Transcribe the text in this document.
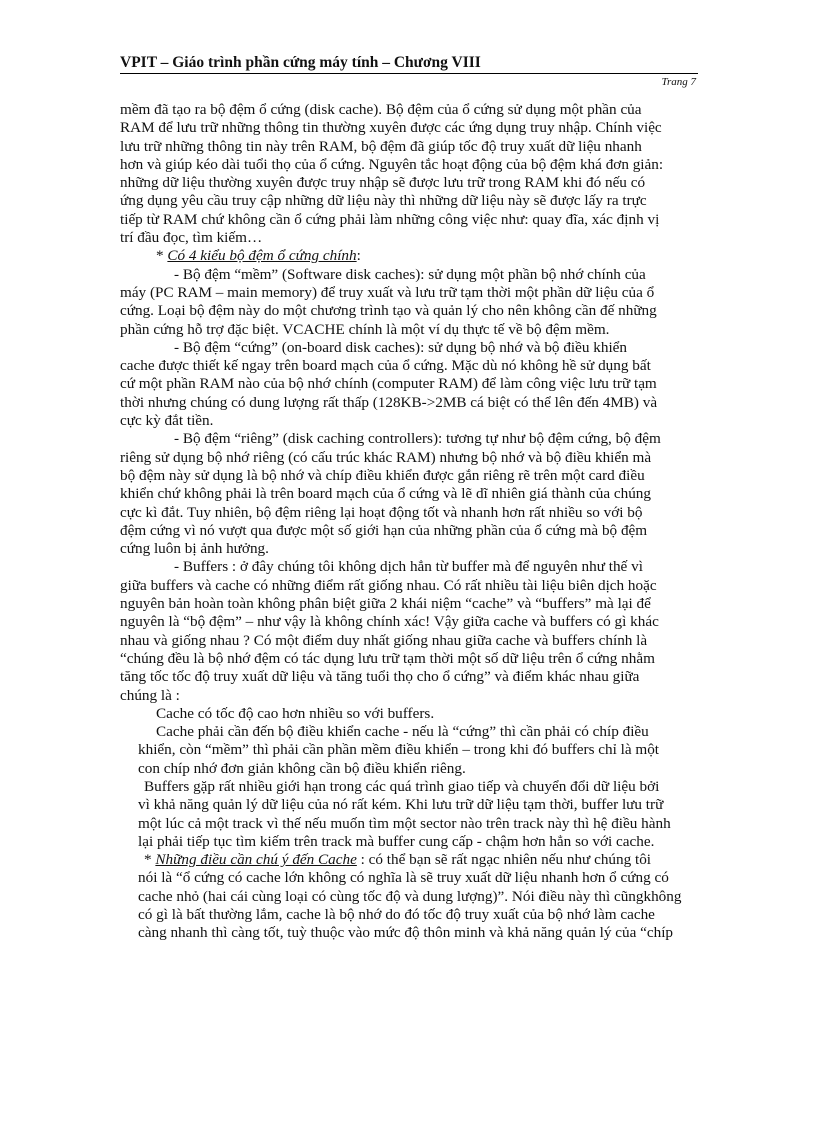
VPIT – Giáo trình phần cứng máy tính – Chương VIII
Trang 7
mềm đã tạo ra bộ đệm ổ cứng (disk cache). Bộ đệm của ổ cứng sử dụng một phần của
RAM để lưu trữ những thông tin thường xuyên được các ứng dụng truy nhập. Chính việc
lưu trữ những thông tin này trên RAM, bộ đệm đã giúp tốc độ truy xuất dữ liệu nhanh
hơn và giúp kéo dài tuổi thọ của ổ cứng. Nguyên tắc hoạt động của bộ đệm khá đơn giản:
những dữ liệu thường xuyên được truy nhập sẽ được lưu trữ trong RAM khi đó nếu có
ứng dụng yêu cầu truy cập những dữ liệu này thì những dữ liệu này sẽ được lấy ra trực
tiếp từ RAM chứ không cần ổ cứng phải làm những công việc như: quay đĩa, xác định vị
trí đầu đọc, tìm kiếm…
* Có 4 kiểu bộ đệm ổ cứng chính:
- Bộ đệm “mềm” (Software disk caches): sử dụng một phần bộ nhớ chính của
máy (PC RAM – main memory) để truy xuất và lưu trữ tạm thời một phần dữ liệu của ổ
cứng. Loại bộ đệm này do một chương trình tạo và quản lý cho nên không cần đế những
phần cứng hỗ trợ đặc biệt. VCACHE chính là một ví dụ thực tế về bộ đệm mềm.
- Bộ đệm “cứng” (on-board disk caches): sử dụng bộ nhớ và bộ điều khiển
cache được thiết kế ngay trên board mạch của ổ cứng. Mặc dù nó không hề sử dụng bất
cứ một phần RAM nào của bộ nhớ chính (computer RAM) để làm công việc lưu trữ tạm
thời nhưng chúng có dung lượng rất thấp (128KB->2MB cá biệt có thể lên đến 4MB) và
cực kỳ đắt tiền.
- Bộ đệm “riêng” (disk caching controllers): tương tự như bộ đệm cứng, bộ đệm
riêng sử dụng bộ nhớ riêng (có cấu trúc khác RAM) nhưng bộ nhớ và bộ điều khiển mà
bộ đệm này sử dụng là bộ nhớ và chíp điều khiển được gắn riêng rẽ trên một card điều
khiển chứ không phải là trên board mạch của ổ cứng và lẽ dĩ nhiên giá thành của chúng
cực kì đắt. Tuy nhiên, bộ đệm riêng lại hoạt động tốt và nhanh hơn rất nhiều so với bộ
đệm cứng vì nó vượt qua được một số giới hạn của những phần của ổ cứng mà bộ đệm
cứng luôn bị ảnh hưởng.
- Buffers : ở đây chúng tôi không dịch hẳn từ buffer mà để nguyên như thế vì
giữa buffers và cache có những điểm rất giống nhau. Có rất nhiều tài liệu biên dịch hoặc
nguyên bản hoàn toàn không phân biệt giữa 2 khái niệm “cache” và “buffers” mà lại để
nguyên là “bộ đệm” – như vậy là không chính xác! Vậy giữa cache và buffers có gì khác
nhau và giống nhau ? Có một điểm duy nhất giống nhau giữa cache và buffers chính là
“chúng đều là bộ nhớ đệm có tác dụng lưu trữ tạm thời một số dữ liệu trên ổ cứng nhằm
tăng tốc tốc độ truy xuất dữ liệu và tăng tuổi thọ cho ổ cứng” và điểm khác nhau giữa
chúng là :
Cache có tốc độ cao hơn nhiều so với buffers.
Cache phải cần đến bộ điều khiển cache - nếu là “cứng” thì cần phải có chíp điều
khiển, còn “mềm” thì phải cần phần mềm điều khiển – trong khi đó buffers chỉ là một
con chíp nhớ đơn giản không cần bộ điều khiển riêng.
Buffers gặp rất nhiều giới hạn trong các quá trình giao tiếp và chuyển đổi dữ liệu bởi
vì khả năng quản lý dữ liệu của nó rất kém. Khi lưu trữ dữ liệu tạm thời, buffer lưu trữ
một lúc cả một track vì thế nếu muốn tìm một sector nào trên track này thì hệ điều hành
lại phải tiếp tục tìm kiếm trên track mà buffer cung cấp - chậm hơn hẳn so với cache.
* Những điều cần chú ý đến Cache : có thể bạn sẽ rất ngạc nhiên nếu như chúng tôi
nói là “ổ cứng có cache lớn không có nghĩa là sẽ truy xuất dữ liệu nhanh hơn ổ cứng có
cache nhỏ (hai cái cùng loại có cùng tốc độ và dung lượng)”. Nói điều này thì cũngkhông
có gì là bất thường lắm, cache là bộ nhớ do đó tốc độ truy xuất của bộ nhớ làm cache
càng nhanh thì càng tốt, tuỳ thuộc vào mức độ thôn minh và khả năng quản lý của “chíp
